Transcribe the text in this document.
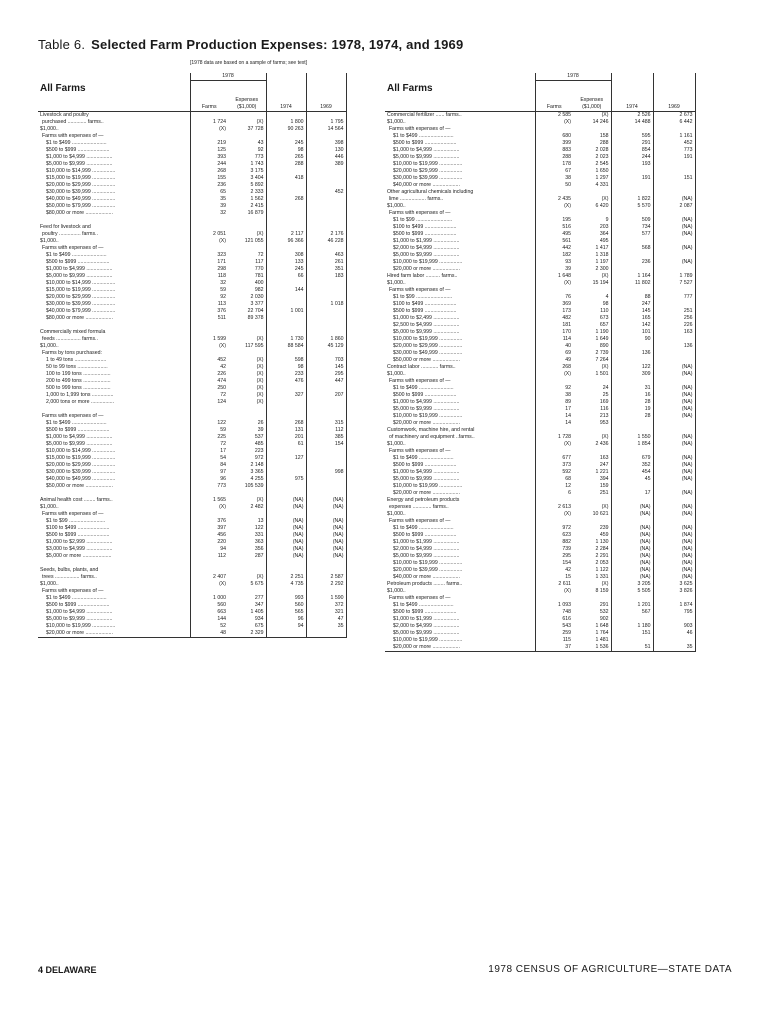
Table 6. Selected Farm Production Expenses: 1978, 1974, and 1969
[1978 data are based on a sample of farms; see text]
All Farms	1978		1974	1969
	Farms	Expenses ($1,000)		
Livestock and poultry				
purchased ............. farms..	1 724	(X)	1 800	1 795
$1,000..	(X)	37 728	90 263	14 564
Farms with expenses of —				
$1 to $499 ........................	219	43	245	398
$500 to $999 ......................	125	92	98	130
$1,000 to $4,999 ..................	393	773	265	446
$5,000 to $9,999 ..................	244	1 743	288	389
$10,000 to $14,999 ................	268	3 175		
$15,000 to $19,999 ................	155	3 404	418	
$20,000 to $29,999 ................	236	5 892		
$30,000 to $39,999 ................	65	2 333		452
$40,000 to $49,999 ................	35	1 562	268	
$50,000 to $79,999 ................	39	2 415		
$80,000 or more ...................	32	16 879		

Feed for livestock and				
poultry ............... farms..	2 051	(X)	2 117	2 176
$1,000..	(X)	121 055	96 366	46 228
Farms with expenses of —				
$1 to $499 ........................	323	72	308	463
$500 to $999 ......................	171	117	133	261
$1,000 to $4,999 ..................	298	770	245	351
$5,000 to $9,999 ..................	118	781	66	183
$10,000 to $14,999 ................	32	400		
$15,000 to $19,999 ................	59	982	144	
$20,000 to $29,999 ................	92	2 030		
$30,000 to $39,999 ................	113	3 377		1 018
$40,000 to $79,999 ................	376	22 704	1 001	
$80,000 or more ...................	511	89 378		

Commercially mixed formula				
feeds ................. farms..	1 599	(X)	1 730	1 860
$1,000..	(X)	117 595	88 584	45 129
Farms by tons purchased:				
1 to 49 tons ......................	452	(X)	598	703
50 to 99 tons .....................	42	(X)	98	145
100 to 199 tons ...................	226	(X)	233	295
200 to 499 tons ...................	474	(X)	476	447
500 to 999 tons ...................	250	(X)		
1,000 to 1,999 tons ...............	72	(X)	327	207
2,000 tons or more ................	124	(X)		

Farms with expenses of —				
$1 to $499 ........................	122	26	268	315
$500 to $999 ......................	59	39	131	112
$1,000 to $4,999 ..................	225	537	201	385
$5,000 to $9,999 ..................	72	485	61	154
$10,000 to $14,999 ................	17	223		
$15,000 to $19,999 ................	54	972	127	
$20,000 to $29,999 ................	84	2 148		
$30,000 to $39,999 ................	97	3 365		998
$40,000 to $49,999 ................	96	4 255	975	
$50,000 or more ...................	773	105 539		

Animal health cost ........ farms..	1 565	(X)	(NA)	(NA)
$1,000..	(X)	2 482	(NA)	(NA)
Farms with expenses of —				
$1 to $99 .........................	376	13	(NA)	(NA)
$100 to $499 ......................	397	122	(NA)	(NA)
$500 to $999 ......................	456	331	(NA)	(NA)
$1,000 to $2,999 ..................	220	363	(NA)	(NA)
$3,000 to $4,999 ..................	94	356	(NA)	(NA)
$5,000 or more ....................	112	287	(NA)	(NA)

Seeds, bulbs, plants, and				
trees ................. farms..	2 407	(X)	2 251	2 587
$1,000..	(X)	5 675	4 735	2 292
Farms with expenses of —				
$1 to $499 ........................	1 000	277	993	1 590
$500 to $999 ......................	560	347	560	372
$1,000 to $4,999 ..................	663	1 405	565	321
$5,000 to $9,999 ..................	144	934	96	47
$10,000 to $19,999 ................	52	675	94	35
$20,000 or more ...................	48	2 329		
All Farms	1978		1974	1969
	Farms	Expenses ($1,000)		
Commercial fertilizer ...... farms..	2 585	(X)	2 526	2 673
$1,000..	(X)	14 246	14 488	6 442
Farms with expenses of —				
$1 to $499 ........................	680	158	595	1 161
$500 to $999 ......................	399	288	291	452
$1,000 to $4,999 ..................	883	2 028	854	773
$5,000 to $9,999 ..................	288	2 023	244	191
$10,000 to $19,999 ................	178	2 545	193	
$20,000 to $29,999 ................	67	1 650		
$30,000 to $39,999 ................	38	1 297	191	151
$40,000 or more ...................	50	4 331		
Other agricultural chemicals including				
lime .................. farms..	2 435	(X)	1 822	(NA)
$1,000..	(X)	6 420	5 570	2 087
Farms with expenses of —				
$1 to $99 .........................	195	9	509	(NA)
$100 to $499 ......................	516	203	734	(NA)
$500 to $999 ......................	495	364	577	(NA)
$1,000 to $1,999 ..................	561	495		
$2,000 to $4,999 ..................	442	1 417	568	(NA)
$5,000 to $9,999 ..................	182	1 318		
$10,000 to $19,999 ................	93	1 197	236	(NA)
$20,000 or more ...................	39	2 300		
Hired farm labor .......... farms..	1 648	(X)	1 164	1 789
$1,000..	(X)	15 194	11 802	7 527
Farms with expenses of —				
$1 to $99 .........................	76	4	88	777
$100 to $499 ......................	369	98	247	
$500 to $999 ......................	173	110	145	251
$1,000 to $2,499 ..................	482	673	165	256
$2,500 to $4,999 ..................	181	657	142	226
$5,000 to $9,999 ..................	170	1 190	101	163
$10,000 to $19,999 ................	114	1 649	90	
$20,000 to $29,999 ................	40	890		136
$30,000 to $49,999 ................	69	2 739	136	
$50,000 or more ...................	49	7 264		
Contract labor ............ farms..	268	(X)	122	(NA)
$1,000..	(X)	1 501	309	(NA)
Farms with expenses of —				
$1 to $499 ........................	92	24	31	(NA)
$500 to $999 ......................	38	25	16	(NA)
$1,000 to $4,999 ..................	89	169	28	(NA)
$5,000 to $9,999 ..................	17	116	19	(NA)
$10,000 to $19,999 ................	14	213	28	(NA)
$20,000 or more ...................	14	953		
Customwork, machine hire, and rental				
of machinery and equipment ..farms..	1 728	(X)	1 550	(NA)
$1,000..	(X)	2 436	1 854	(NA)
Farms with expenses of —				
$1 to $499 ........................	677	163	679	(NA)
$500 to $999 ......................	373	247	352	(NA)
$1,000 to $4,999 ..................	592	1 221	454	(NA)
$5,000 to $9,999 ..................	68	394	45	(NA)
$10,000 to $19,999 ................	12	159		
$20,000 or more ...................	6	251	17	(NA)
Energy and petroleum products				
expenses ............. farms..	2 613	(X)	(NA)	(NA)
$1,000..	(X)	10 621	(NA)	(NA)
Farms with expenses of —				
$1 to $499 ........................	972	239	(NA)	(NA)
$500 to $999 ......................	623	459	(NA)	(NA)
$1,000 to $1,999 ..................	882	1 130	(NA)	(NA)
$2,000 to $4,999 ..................	739	2 284	(NA)	(NA)
$5,000 to $9,999 ..................	295	2 291	(NA)	(NA)
$10,000 to $19,999 ................	154	2 053	(NA)	(NA)
$20,000 to $39,999 ................	42	1 122	(NA)	(NA)
$40,000 or more ...................	15	1 331	(NA)	(NA)
Petroleum products ........ farms..	2 611	(X)	3 205	3 625
$1,000..	(X)	8 159	5 505	3 826
Farms with expenses of —				
$1 to $499 ........................	1 093	291	1 201	1 874
$500 to $999 ......................	748	532	567	795
$1,000 to $1,999 ..................	616	902		
$2,000 to $4,999 ..................	543	1 648	1 180	903
$5,000 to $9,999 ..................	259	1 764	151	46
$10,000 to $19,999 ................	115	1 481		
$20,000 or more ...................	37	1 536	51	35
4 DELAWARE	1978 CENSUS OF AGRICULTURE—STATE DATA
